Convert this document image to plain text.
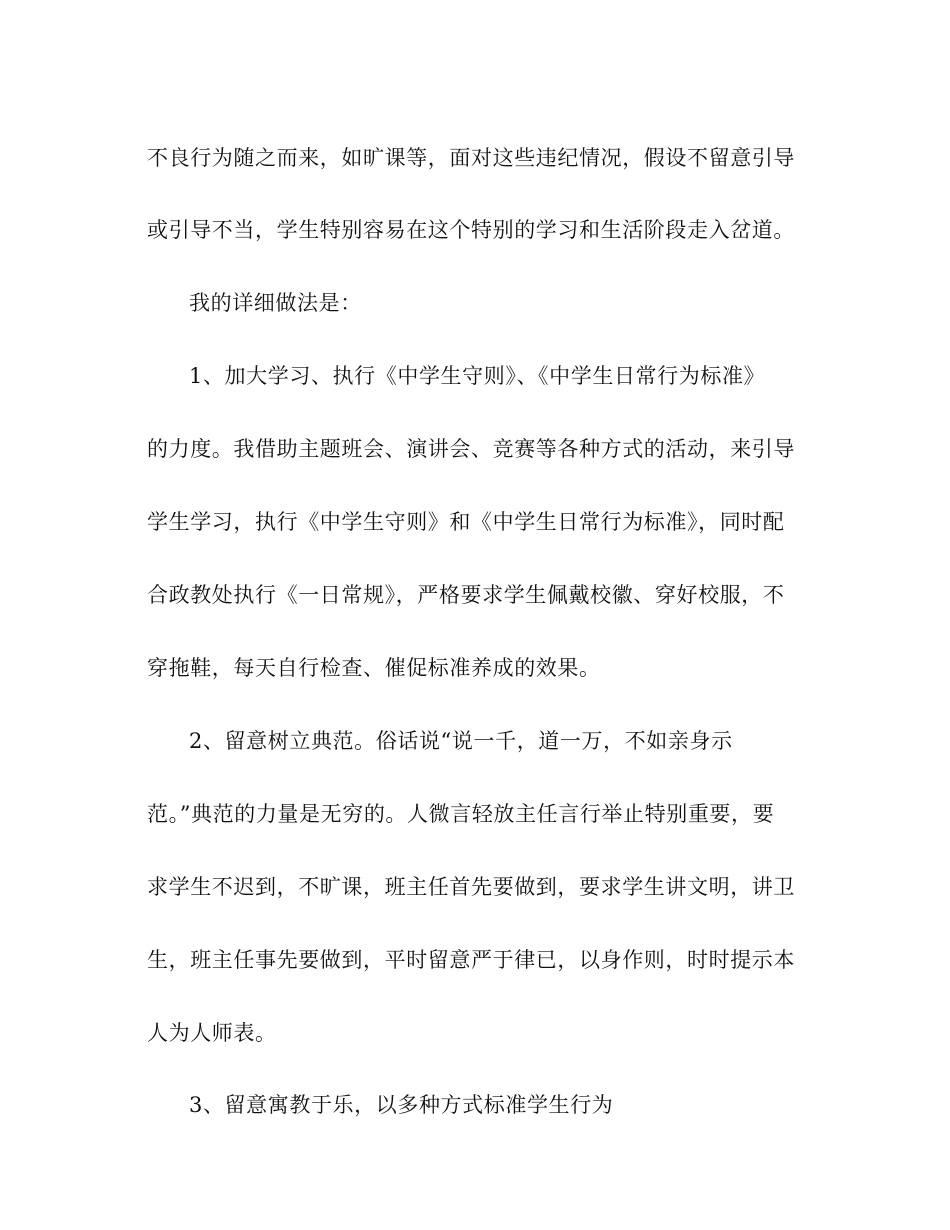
不良行为随之而来，如旷课等，面对这些违纪情况，假设不留意引导
或引导不当，学生特别容易在这个特别的学习和生活阶段走入岔道。
我的详细做法是：
1、加大学习、执行《中学生守则》、《中学生日常行为标准》
的力度。我借助主题班会、演讲会、竞赛等各种方式的活动，来引导
学生学习，执行《中学生守则》和《中学生日常行为标准》，同时配
合政教处执行《一日常规》，严格要求学生佩戴校徽、穿好校服，不
穿拖鞋，每天自行检查、催促标准养成的效果。
2、留意树立典范。俗话说“说一千，道一万，不如亲身示
范。”典范的力量是无穷的。人微言轻放主任言行举止特别重要，要
求学生不迟到，不旷课，班主任首先要做到，要求学生讲文明，讲卫
生，班主任事先要做到，平时留意严于律已，以身作则，时时提示本
人为人师表。
3、留意寓教于乐，以多种方式标准学生行为
